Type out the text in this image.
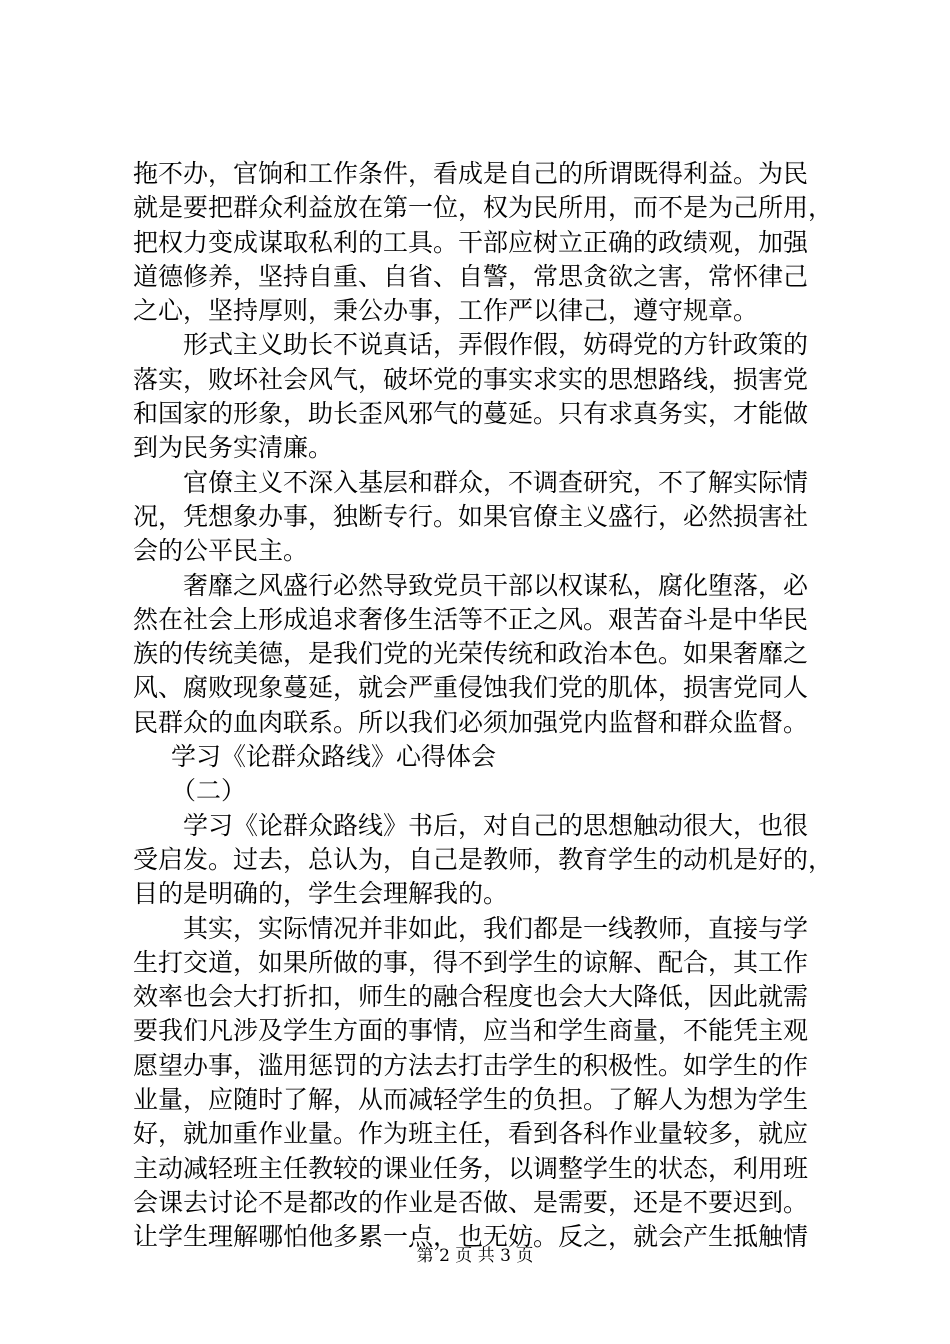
拖不办，官饷和工作条件，看成是自己的所谓既得利益。为民
就是要把群众利益放在第一位，权为民所用，而不是为己所用，
把权力变成谋取私利的工具。干部应树立正确的政绩观，加强
道德修养，坚持自重、自省、自警，常思贪欲之害，常怀律己
之心，坚持厚则，秉公办事，工作严以律己，遵守规章。
形式主义助长不说真话，弄假作假，妨碍党的方针政策的
落实，败坏社会风气，破坏党的事实求实的思想路线，损害党
和国家的形象，助长歪风邪气的蔓延。只有求真务实，才能做
到为民务实清廉。
官僚主义不深入基层和群众，不调查研究，不了解实际情
况，凭想象办事，独断专行。如果官僚主义盛行，必然损害社
会的公平民主。
奢靡之风盛行必然导致党员干部以权谋私，腐化堕落，必
然在社会上形成追求奢侈生活等不正之风。艰苦奋斗是中华民
族的传统美德，是我们党的光荣传统和政治本色。如果奢靡之
风、腐败现象蔓延，就会严重侵蚀我们党的肌体，损害党同人
民群众的血肉联系。所以我们必须加强党内监督和群众监督。
学习《论群众路线》心得体会
（二）
学习《论群众路线》书后，对自己的思想触动很大，也很
受启发。过去，总认为，自己是教师，教育学生的动机是好的，
目的是明确的，学生会理解我的。
其实，实际情况并非如此，我们都是一线教师，直接与学
生打交道，如果所做的事，得不到学生的谅解、配合，其工作
效率也会大打折扣，师生的融合程度也会大大降低，因此就需
要我们凡涉及学生方面的事情，应当和学生商量，不能凭主观
愿望办事，滥用惩罚的方法去打击学生的积极性。如学生的作
业量，应随时了解，从而减轻学生的负担。了解人为想为学生
好，就加重作业量。作为班主任，看到各科作业量较多，就应
主动减轻班主任教较的课业任务，以调整学生的状态，利用班
会课去讨论不是都改的作业是否做、是需要，还是不要迟到。
让学生理解哪怕他多累一点，也无妨。反之，就会产生抵触情
第 2 页 共 3 页
